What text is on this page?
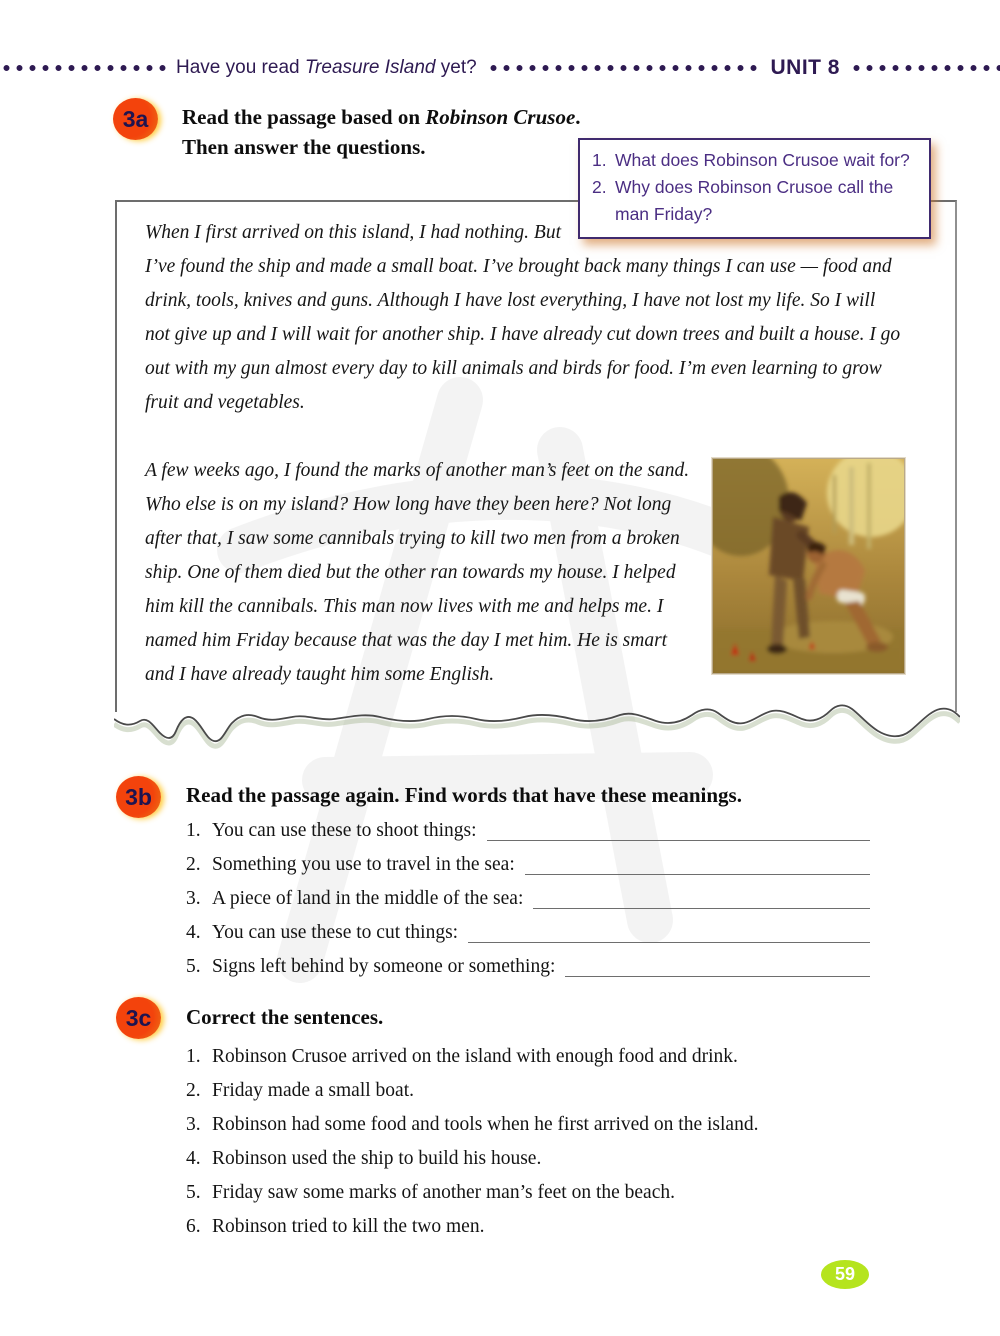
Have you read Treasure Island yet?	UNIT 8
3a	Read the passage based on Robinson Crusoe.
Then answer the questions.
1. What does Robinson Crusoe wait for?
2. Why does Robinson Crusoe call the man Friday?

When I first arrived on this island, I had nothing. But I’ve found the ship and made a small boat. I’ve brought back many things I can use — food and drink, tools, knives and guns. Although I have lost everything, I have not lost my life. So I will not give up and I will wait for another ship. I have already cut down trees and built a house. I go out with my gun almost every day to kill animals and birds for food. I’m even learning to grow fruit and vegetables.

A few weeks ago, I found the marks of another man’s feet on the sand. Who else is on my island? How long have they been here? Not long after that, I saw some cannibals trying to kill two men from a broken ship. One of them died but the other ran towards my house. I helped him kill the cannibals. This man now lives with me and helps me. I named him Friday because that was the day I met him. He is smart and I have already taught him some English.

3b	Read the passage again. Find words that have these meanings.
1. You can use these to shoot things:
2. Something you use to travel in the sea:
3. A piece of land in the middle of the sea:
4. You can use these to cut things:
5. Signs left behind by someone or something:
3c	Correct the sentences.
1. Robinson Crusoe arrived on the island with enough food and drink.
2. Friday made a small boat.
3. Robinson had some food and tools when he first arrived on the island.
4. Robinson used the ship to build his house.
5. Friday saw some marks of another man’s feet on the beach.
6. Robinson tried to kill the two men.
59
